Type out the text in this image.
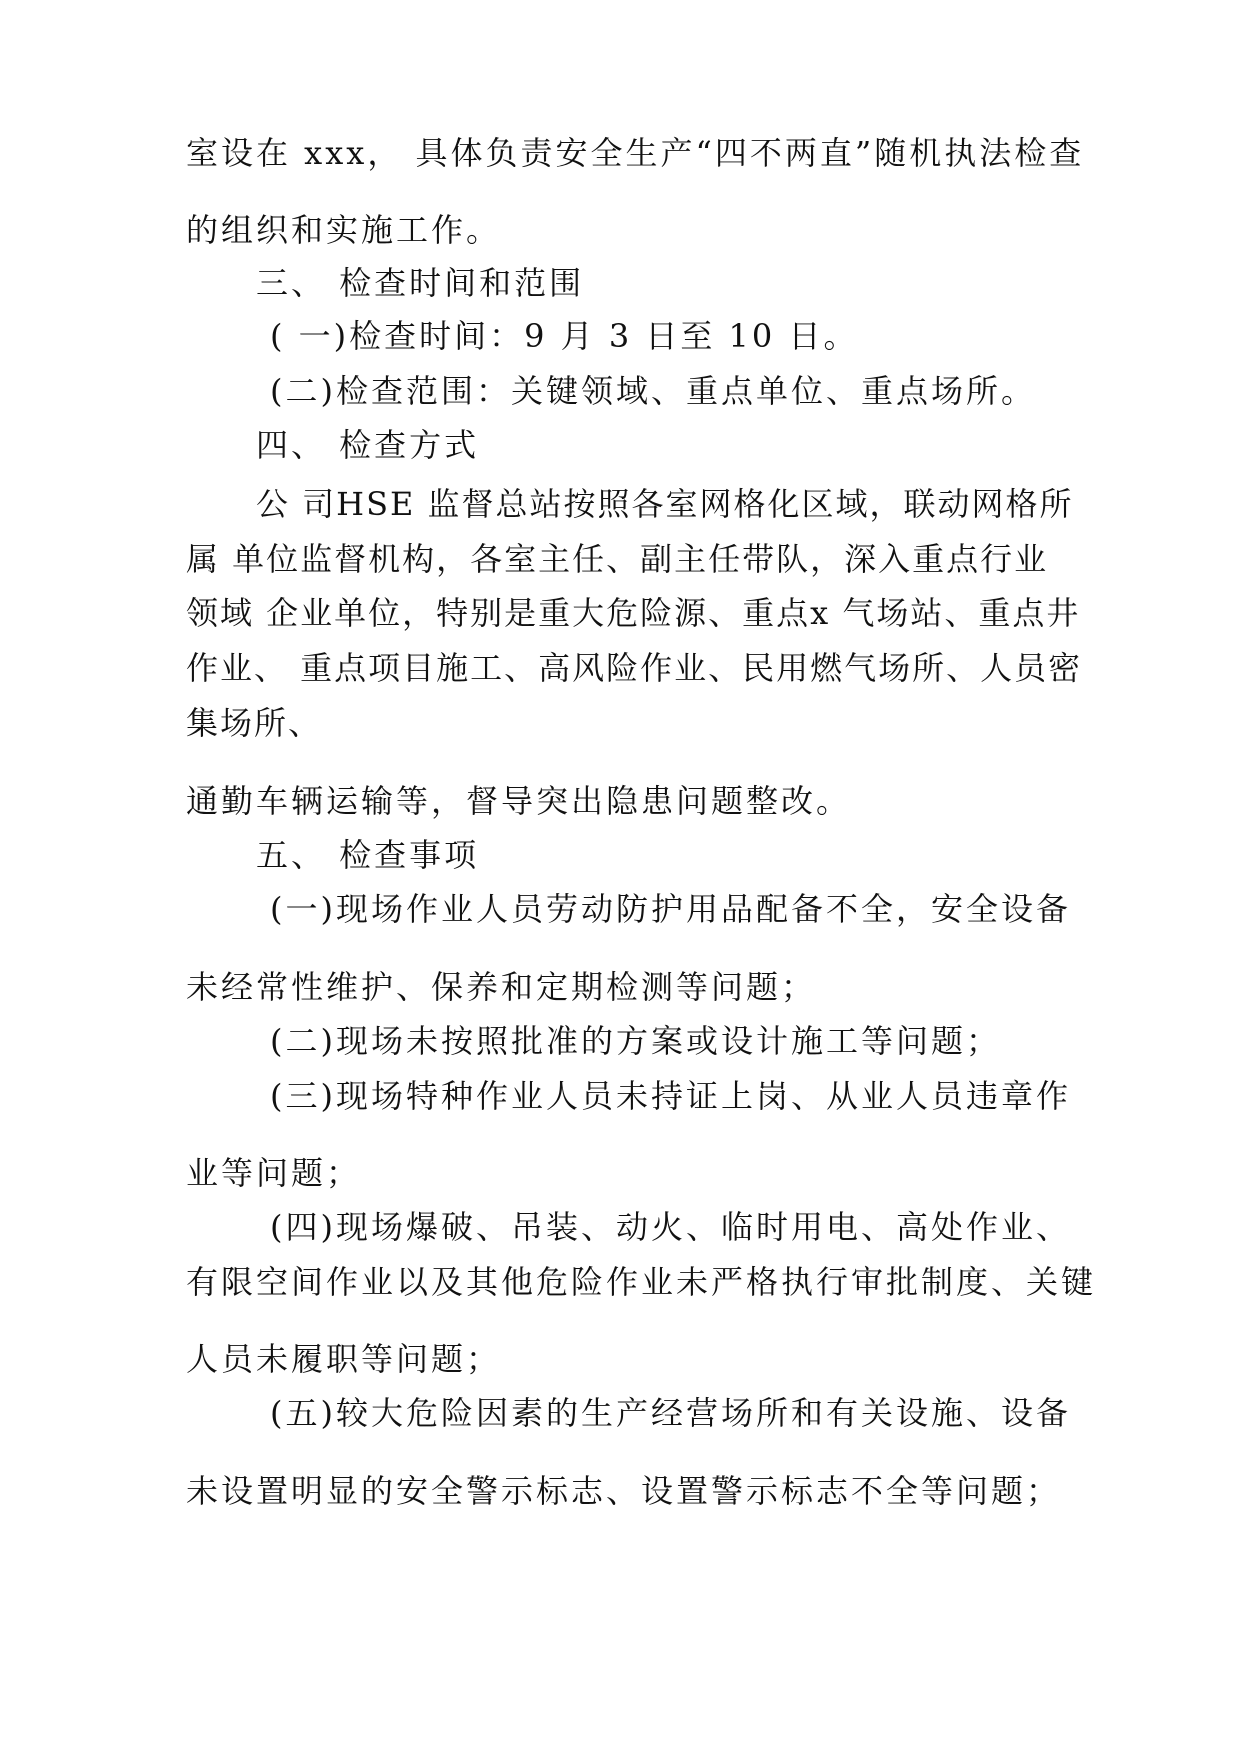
室设在 xxx， 具体负责安全生产“四不两直”随机执法检查
的组织和实施工作。
三、 检查时间和范围
( 一)检查时间：9 月 3 日至 10 日。
(二)检查范围：关键领域、重点单位、重点场所。
四、 检查方式
公 司HSE 监督总站按照各室网格化区域，联动网格所
属 单位监督机构，各室主任、副主任带队，深入重点行业
领域 企业单位，特别是重大危险源、重点x 气场站、重点井
作业、 重点项目施工、高风险作业、民用燃气场所、人员密
集场所、
通勤车辆运输等，督导突出隐患问题整改。
五、 检查事项
(一)现场作业人员劳动防护用品配备不全，安全设备
未经常性维护、保养和定期检测等问题；
(二)现场未按照批准的方案或设计施工等问题；
(三)现场特种作业人员未持证上岗、从业人员违章作
业等问题；
(四)现场爆破、吊装、动火、临时用电、高处作业、
有限空间作业以及其他危险作业未严格执行审批制度、关键
人员未履职等问题；
(五)较大危险因素的生产经营场所和有关设施、设备
未设置明显的安全警示标志、设置警示标志不全等问题；
